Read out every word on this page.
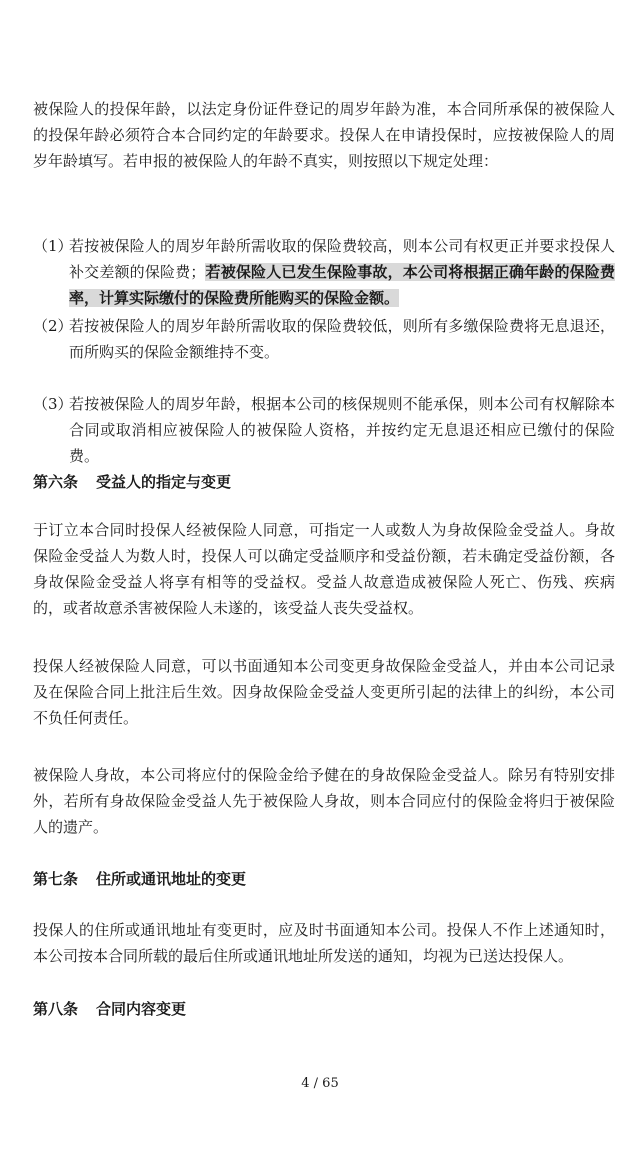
被保险人的投保年龄，以法定身份证件登记的周岁年龄为准，本合同所承保的被保险人的投保年龄必须符合本合同约定的年龄要求。投保人在申请投保时，应按被保险人的周岁年龄填写。若申报的被保险人的年龄不真实，则按照以下规定处理：

（1）
若按被保险人的周岁年龄所需收取的保险费较高，则本公司有权更正并要求投保人补交差额的保险费；若被保险人已发生保险事故，本公司将根据正确年龄的保险费率，计算实际缴付的保险费所能购买的保险金额。
（2）
若按被保险人的周岁年龄所需收取的保险费较低，则所有多缴保险费将无息退还，而所购买的保险金额维持不变。
（3）
若按被保险人的周岁年龄，根据本公司的核保规则不能承保，则本公司有权解除本合同或取消相应被保险人的被保险人资格，并按约定无息退还相应已缴付的保险费。
第六条 受益人的指定与变更

于订立本合同时投保人经被保险人同意，可指定一人或数人为身故保险金受益人。身故保险金受益人为数人时，投保人可以确定受益顺序和受益份额，若未确定受益份额，各身故保险金受益人将享有相等的受益权。受益人故意造成被保险人死亡、伤残、疾病的，或者故意杀害被保险人未遂的，该受益人丧失受益权。

投保人经被保险人同意，可以书面通知本公司变更身故保险金受益人，并由本公司记录及在保险合同上批注后生效。因身故保险金受益人变更所引起的法律上的纠纷，本公司不负任何责任。

被保险人身故，本公司将应付的保险金给予健在的身故保险金受益人。除另有特别安排外，若所有身故保险金受益人先于被保险人身故，则本合同应付的保险金将归于被保险人的遗产。

第七条 住所或通讯地址的变更

投保人的住所或通讯地址有变更时，应及时书面通知本公司。投保人不作上述通知时，本公司按本合同所载的最后住所或通讯地址所发送的通知，均视为已送达投保人。

第八条 合同内容变更
4 / 65
